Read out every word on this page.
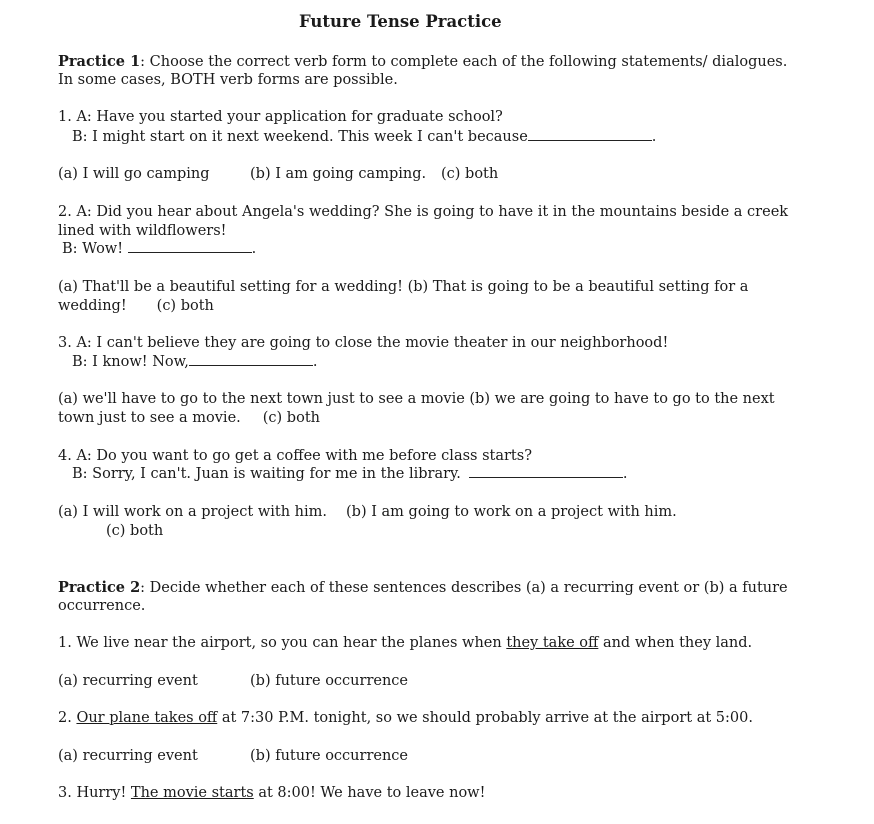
Future Tense Practice
Practice 1: Choose the correct verb form to complete each of the following statements/ dialogues.
In some cases, BOTH verb forms are possible.
1. A: Have you started your application for graduate school?
B: I might start on it next weekend. This week I can't because	.
(a) I will go camping	(b) I am going camping. (c) both
2. A: Did you hear about Angela's wedding? She is going to have it in the mountains beside a creek
lined with wildflowers!
B: Wow!	.
(a) That'll be a beautiful setting for a wedding! (b) That is going to be a beautiful setting for a
wedding! (c) both
3. A: I can't believe they are going to close the movie theater in our neighborhood!
B: I know! Now,	.
(a) we'll have to go to the next town just to see a movie (b) we are going to have to go to the next
town just to see a movie. (c) both
4. A: Do you want to go get a coffee with me before class starts?
B: Sorry, I can't. Juan is waiting for me in the library.	.
(a) I will work on a project with him. (b) I am going to work on a project with him.
(c) both
Practice 2: Decide whether each of these sentences describes (a) a recurring event or (b) a future
occurrence.
1. We live near the airport, so you can hear the planes when they take off and when they land.
(a) recurring event	(b) future occurrence
2. Our plane takes off at 7:30 P.M. tonight, so we should probably arrive at the airport at 5:00.
(a) recurring event	(b) future occurrence
3. Hurry! The movie starts at 8:00! We have to leave now!
